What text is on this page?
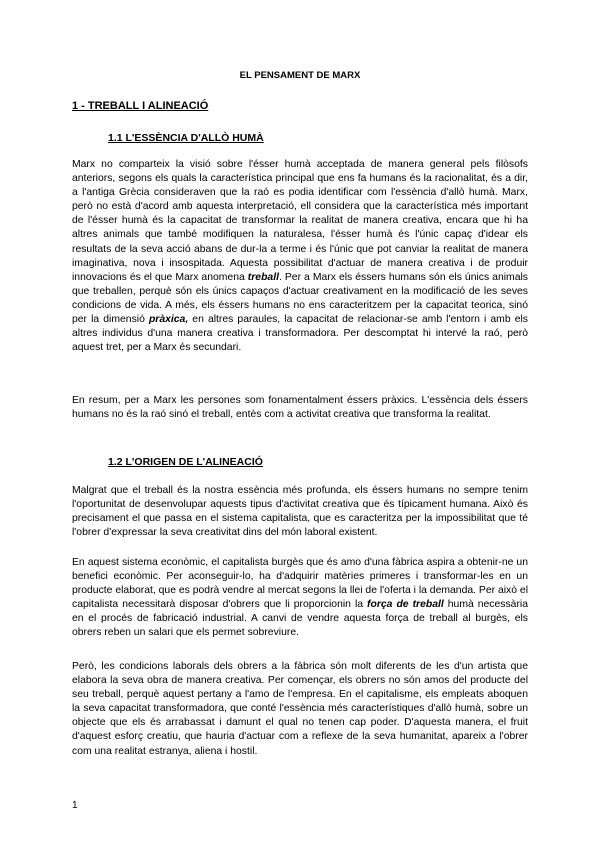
EL PENSAMENT DE MARX
1 - TREBALL I ALINEACIÓ
1.1 L'ESSÈNCIA D'ALLÒ HUMÀ

Marx no comparteix la visió sobre l'ésser humà acceptada de manera general pels filòsofs anteriors, segons els quals la característica principal que ens fa humans és la racionalitat, és a dir, a l'antiga Grècia consideraven que la raó es podia identificar com l'essència d'allò humà. Marx, però no està d'acord amb aquesta interpretació, ell considera que la característica més important de l'ésser humà és la capacitat de transformar la realitat de manera creativa, encara que hi ha altres animals que també modifiquen la naturalesa, l'ésser humà és l'únic capaç d'idear els resultats de la seva acció abans de dur-la a terme i és l'únic que pot canviar la realitat de manera imaginativa, nova i insospitada. Aquesta possibilitat d'actuar de manera creativa i de produir innovacions és el que Marx anomena treball. Per a Marx els éssers humans són els únics animals que treballen, perquè són els únics capaços d'actuar creativament en la modificació de les seves condicions de vida. A més, els éssers humans no ens caracteritzem per la capacitat teorica, sinó per la dimensió pràxica, en altres paraules, la capacitat de relacionar-se amb l'entorn i amb els altres individus d'una manera creativa i transformadora. Per descomptat hi intervé la raó, però aquest tret, per a Marx és secundari.

En resum, per a Marx les persones som fonamentalment éssers pràxics. L'essència dels éssers humans no és la raó sinó el treball, entès com a activitat creativa que transforma la realitat.

1.2 L'ORIGEN DE L'ALINEACIÓ

Malgrat que el treball és la nostra essència més profunda, els éssers humans no sempre tenim l'oportunitat de desenvolupar aquests tipus d'activitat creativa que és típicament humana. Això és precisament el que passa en el sistema capitalista, que es caracteritza per la impossibilitat que té l'obrer d'expressar la seva creativitat dins del món laboral existent.

En aquest sistema econòmic, el capitalista burgès que és amo d'una fàbrica aspira a obtenir-ne un benefici econòmic. Per aconseguir-lo, ha d'adquirir matèries primeres i transformar-les en un producte elaborat, que es podrà vendre al mercat segons la llei de l'oferta i la demanda. Per això el capitalista necessitarà disposar d'obrers que li proporcionin la força de treball humà necessària en el procés de fabricació industrial. A canvi de vendre aquesta força de treball al burgès, els obrers reben un salari que els permet sobreviure.

Però, les condicions laborals dels obrers a la fàbrica són molt diferents de les d'un artista que elabora la seva obra de manera creativa. Per començar, els obrers no són amos del producte del seu treball, perquè aquest pertany a l'amo de l'empresa. En el capitalisme, els empleats aboquen la seva capacitat transformadora, que conté l'essència més característiques d'allò humà, sobre un objecte que els és arrabassat i damunt el qual no tenen cap poder. D'aquesta manera, el fruit d'aquest esforç creatiu, que hauria d'actuar com a reflexe de la seva humanitat, apareix a l'obrer com una realitat estranya, aliena i hostil.

1
